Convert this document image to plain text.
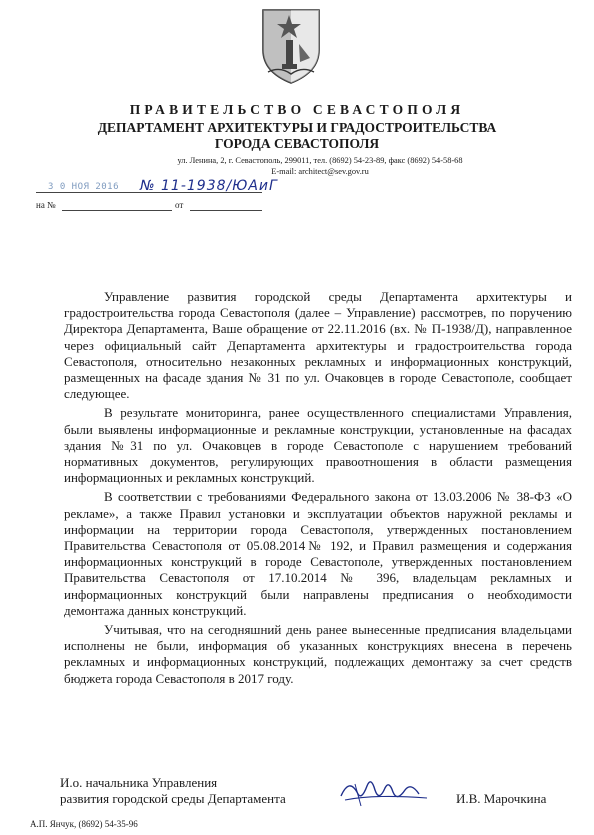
ПРАВИТЕЛЬСТВО СЕВАСТОПОЛЯ
ДЕПАРТАМЕНТ АРХИТЕКТУРЫ И ГРАДОСТРОИТЕЛЬСТВА
ГОРОДА СЕВАСТОПОЛЯ
ул. Ленина, 2, г. Севастополь, 299011, тел. (8692) 54-23-89, факс (8692) 54-58-68
E-mail: architect@sev.gov.ru
3 0 НОЯ 2016 № 11-1938/ЮАиГ
на №	от

Управление развития городской среды Департамента архитектуры и градостроительства города Севастополя (далее – Управление) рассмотрев, по поручению Директора Департамента, Ваше обращение от 22.11.2016 (вх. № П-1938/Д), направленное через официальный сайт Департамента архитектуры и градостроительства города Севастополя, относительно незаконных рекламных и информационных конструкций, размещенных на фасаде здания № 31 по ул. Очаковцев в городе Севастополе, сообщает следующее.

В результате мониторинга, ранее осуществленного специалистами Управления, были выявлены информационные и рекламные конструкции, установленные на фасадах здания №31 по ул. Очаковцев в городе Севастополе с нарушением требований нормативных документов, регулирующих правоотношения в области размещения информационных и рекламных конструкций.

В соответствии с требованиями Федерального закона от 13.03.2006 № 38-ФЗ «О рекламе», а также Правил установки и эксплуатации объектов наружной рекламы и информации на территории города Севастополя, утвержденных постановлением Правительства Севастополя от 05.08.2014№ 192, и Правил размещения и содержания информационных конструкций в городе Севастополе, утвержденных постановлением Правительства Севастополя от 17.10.2014 № 396, владельцам рекламных и информационных конструкций были направлены предписания о необходимости демонтажа данных конструкций.

Учитывая, что на сегодняшний день ранее вынесенные предписания владельцами исполнены не были, информация об указанных конструкциях внесена в перечень рекламных и информационных конструкций, подлежащих демонтажу за счет средств бюджета города Севастополя в 2017 году.

И.о. начальника Управления
развития городской среды Департамента	И.В. Марочкина
А.П. Янчук, (8692) 54-35-96
